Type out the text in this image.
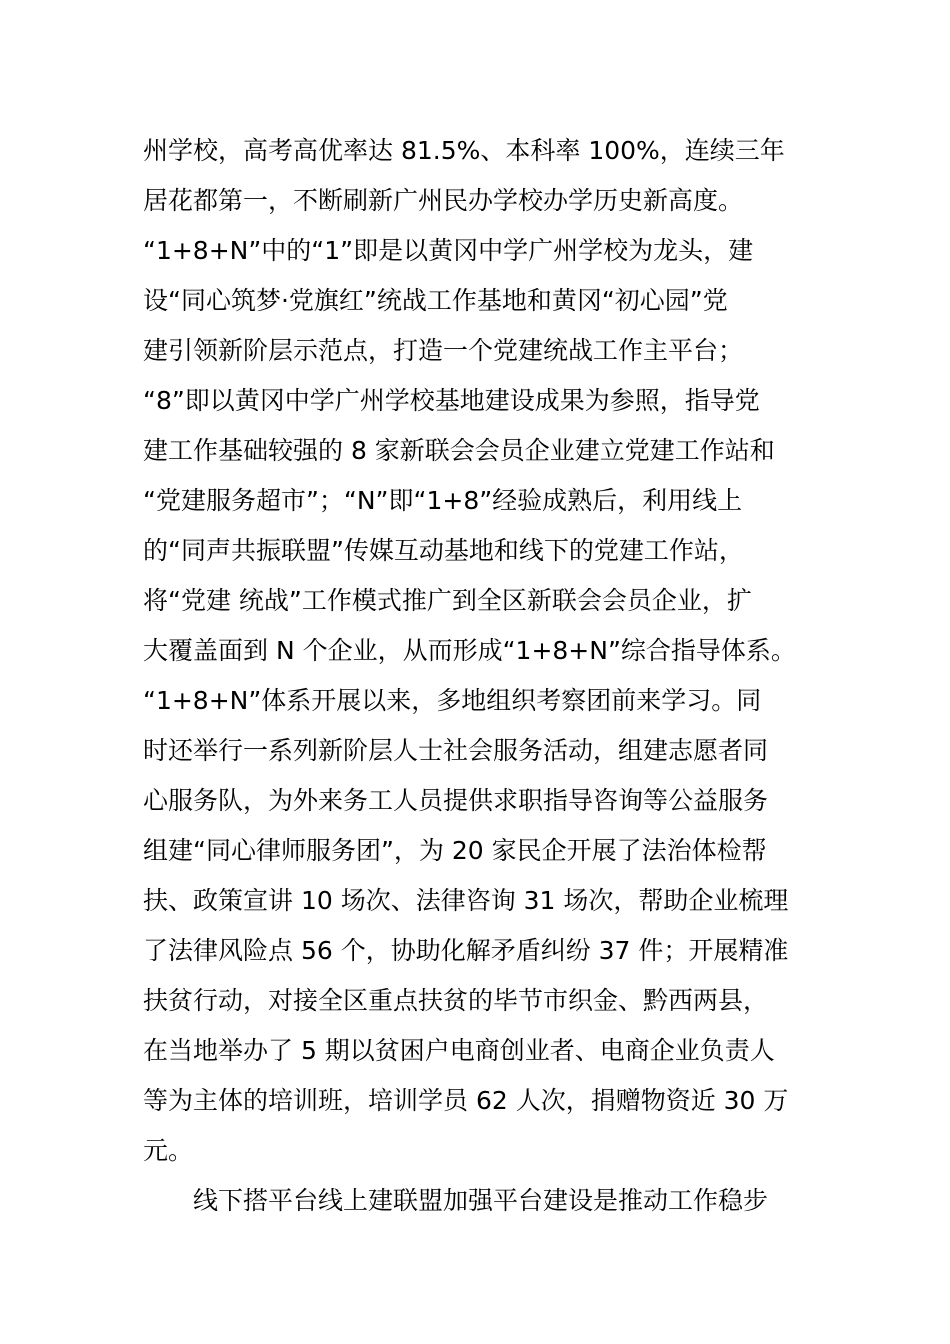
州学校，高考高优率达 81.5%、本科率 100%，连续三年
居花都第一，不断刷新广州民办学校办学历史新高度。
“1+8+N”中的“1”即是以黄冈中学广州学校为龙头，建
设“同心筑梦·党旗红”统战工作基地和黄冈“初心园”党
建引领新阶层示范点，打造一个党建统战工作主平台；
“8”即以黄冈中学广州学校基地建设成果为参照，指导党
建工作基础较强的 8 家新联会会员企业建立党建工作站和
“党建服务超市”；“N”即“1+8”经验成熟后，利用线上
的“同声共振联盟”传媒互动基地和线下的党建工作站，
将“党建 统战”工作模式推广到全区新联会会员企业，扩
大覆盖面到 N 个企业，从而形成“1+8+N”综合指导体系。
“1+8+N”体系开展以来，多地组织考察团前来学习。同
时还举行一系列新阶层人士社会服务活动，组建志愿者同
心服务队，为外来务工人员提供求职指导咨询等公益服务
组建“同心律师服务团”，为 20 家民企开展了法治体检帮
扶、政策宣讲 10 场次、法律咨询 31 场次，帮助企业梳理
了法律风险点 56 个，协助化解矛盾纠纷 37 件；开展精准
扶贫行动，对接全区重点扶贫的毕节市织金、黔西两县，
在当地举办了 5 期以贫困户电商创业者、电商企业负责人
等为主体的培训班，培训学员 62 人次，捐赠物资近 30 万
元。
线下搭平台线上建联盟加强平台建设是推动工作稳步
